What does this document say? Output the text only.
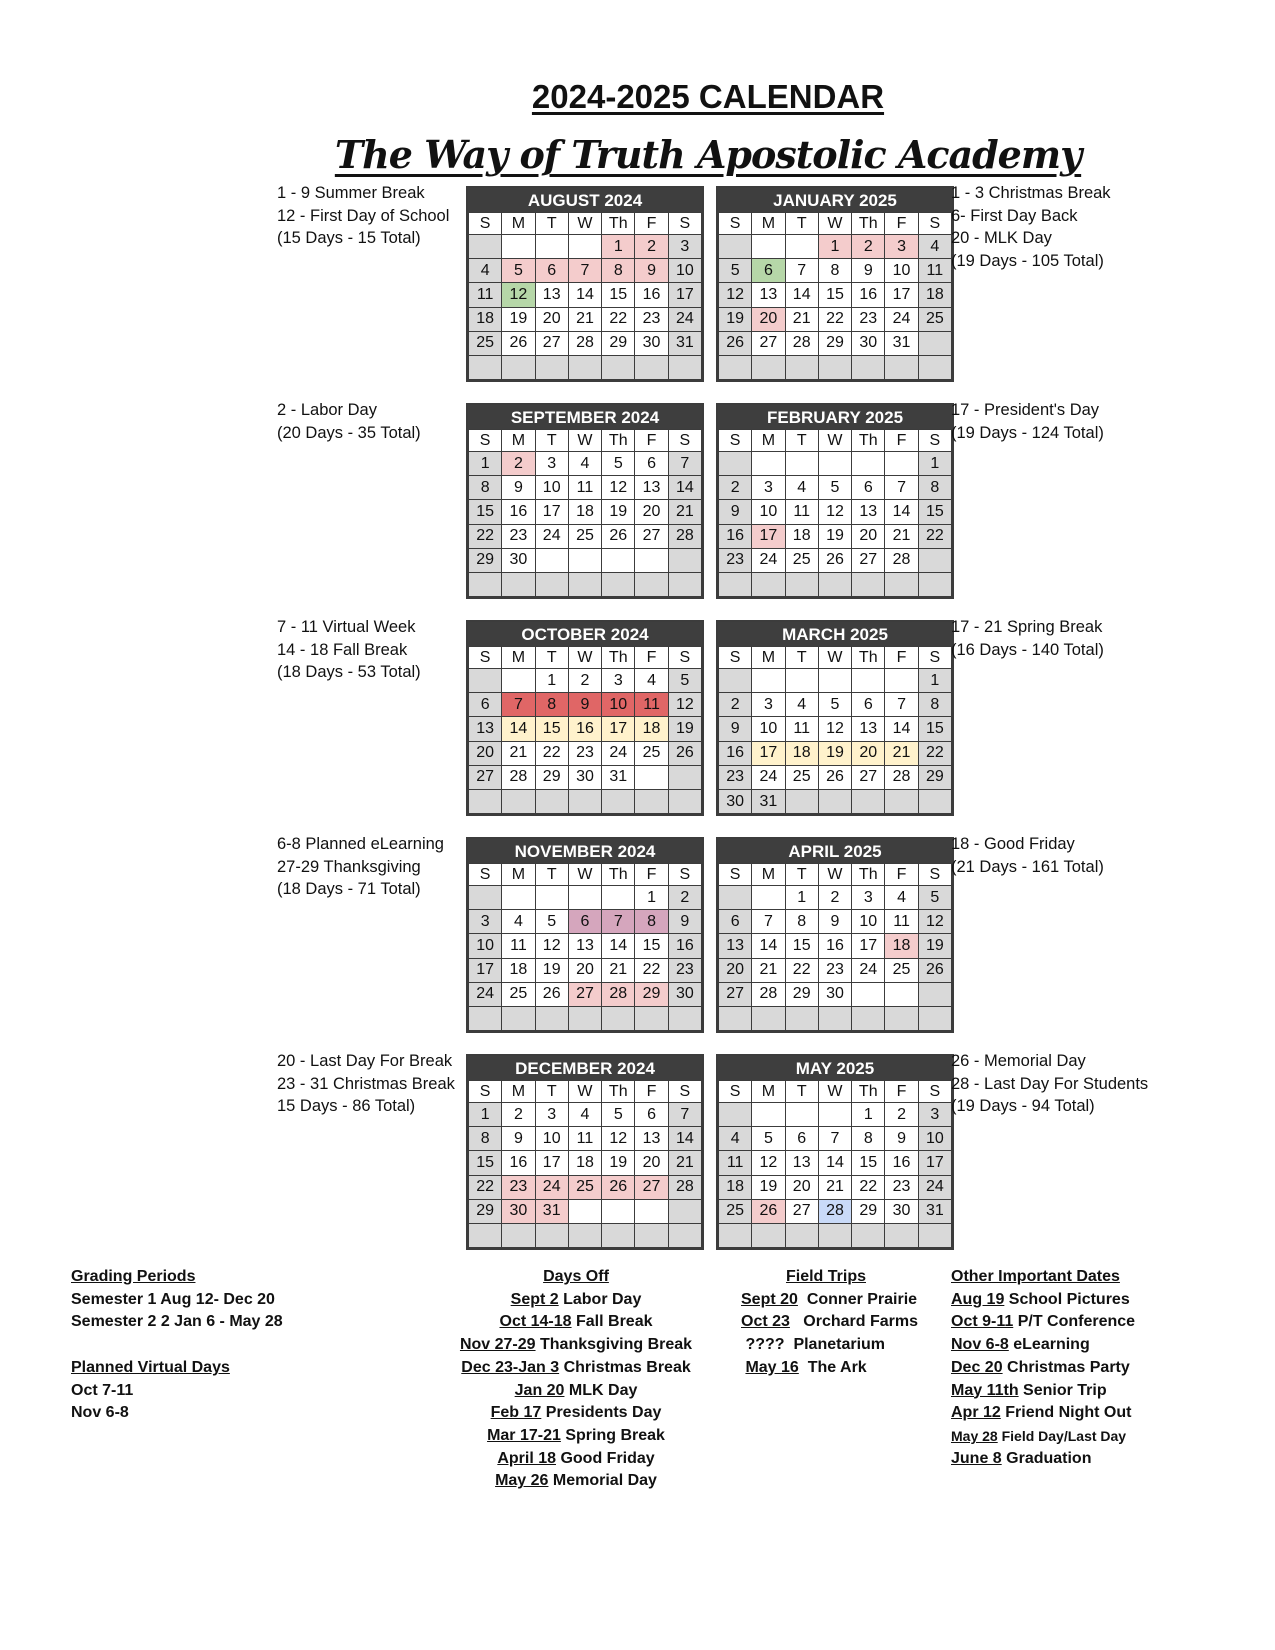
2024-2025 CALENDAR
The Way of Truth Apostolic Academy
AUGUST 2024
S	M	T	W	Th	F	S
				1	2	3
4	5	6	7	8	9	10
11	12	13	14	15	16	17
18	19	20	21	22	23	24
25	26	27	28	29	30	31

SEPTEMBER 2024
S	M	T	W	Th	F	S
1	2	3	4	5	6	7
8	9	10	11	12	13	14
15	16	17	18	19	20	21
22	23	24	25	26	27	28
29	30					

OCTOBER 2024
S	M	T	W	Th	F	S
		1	2	3	4	5
6	7	8	9	10	11	12
13	14	15	16	17	18	19
20	21	22	23	24	25	26
27	28	29	30	31		

NOVEMBER 2024
S	M	T	W	Th	F	S
					1	2
3	4	5	6	7	8	9
10	11	12	13	14	15	16
17	18	19	20	21	22	23
24	25	26	27	28	29	30

DECEMBER 2024
S	M	T	W	Th	F	S
1	2	3	4	5	6	7
8	9	10	11	12	13	14
15	16	17	18	19	20	21
22	23	24	25	26	27	28
29	30	31				

JANUARY 2025
S	M	T	W	Th	F	S
			1	2	3	4
5	6	7	8	9	10	11
12	13	14	15	16	17	18
19	20	21	22	23	24	25
26	27	28	29	30	31	

FEBRUARY 2025
S	M	T	W	Th	F	S
						1
2	3	4	5	6	7	8
9	10	11	12	13	14	15
16	17	18	19	20	21	22
23	24	25	26	27	28	

MARCH 2025
S	M	T	W	Th	F	S
						1
2	3	4	5	6	7	8
9	10	11	12	13	14	15
16	17	18	19	20	21	22
23	24	25	26	27	28	29
30	31					
APRIL 2025
S	M	T	W	Th	F	S
		1	2	3	4	5
6	7	8	9	10	11	12
13	14	15	16	17	18	19
20	21	22	23	24	25	26
27	28	29	30			

MAY 2025
S	M	T	W	Th	F	S
				1	2	3
4	5	6	7	8	9	10
11	12	13	14	15	16	17
18	19	20	21	22	23	24
25	26	27	28	29	30	31

1 - 9 Summer Break
12 - First Day of School
(15 Days - 15 Total)
2 - Labor Day
(20 Days - 35 Total)
7 - 11 Virtual Week
14 - 18 Fall Break
(18 Days - 53 Total)
6-8 Planned eLearning
27-29 Thanksgiving
(18 Days - 71 Total)
20 - Last Day For Break
23 - 31 Christmas Break
15 Days - 86 Total)
1 - 3 Christmas Break
6- First Day Back
20 - MLK Day
(19 Days - 105 Total)
17 - President's Day
(19 Days - 124 Total)
17 - 21 Spring Break
(16 Days - 140 Total)
18 - Good Friday
(21 Days - 161 Total)
26 - Memorial Day
28 - Last Day For Students
(19 Days - 94 Total)
Grading Periods
Semester 1 Aug 12- Dec 20
Semester 2 2 Jan 6 - May 28

Planned Virtual Days
Oct 7-11
Nov 6-8
Days Off
Sept 2 Labor Day
Oct 14-18 Fall Break
Nov 27-29 Thanksgiving Break
Dec 23-Jan 3 Christmas Break
Jan 20 MLK Day
Feb 17 Presidents Day
Mar 17-21 Spring Break
April 18 Good Friday
May 26 Memorial Day
Field Trips
Sept 20 Conner Prairie
Oct 23 Orchard Farms
???? Planetarium
May 16 The Ark
Other Important Dates
Aug 19 School Pictures
Oct 9-11 P/T Conference
Nov 6-8 eLearning
Dec 20 Christmas Party
May 11th Senior Trip
Apr 12 Friend Night Out
May 28 Field Day/Last Day
June 8 Graduation
